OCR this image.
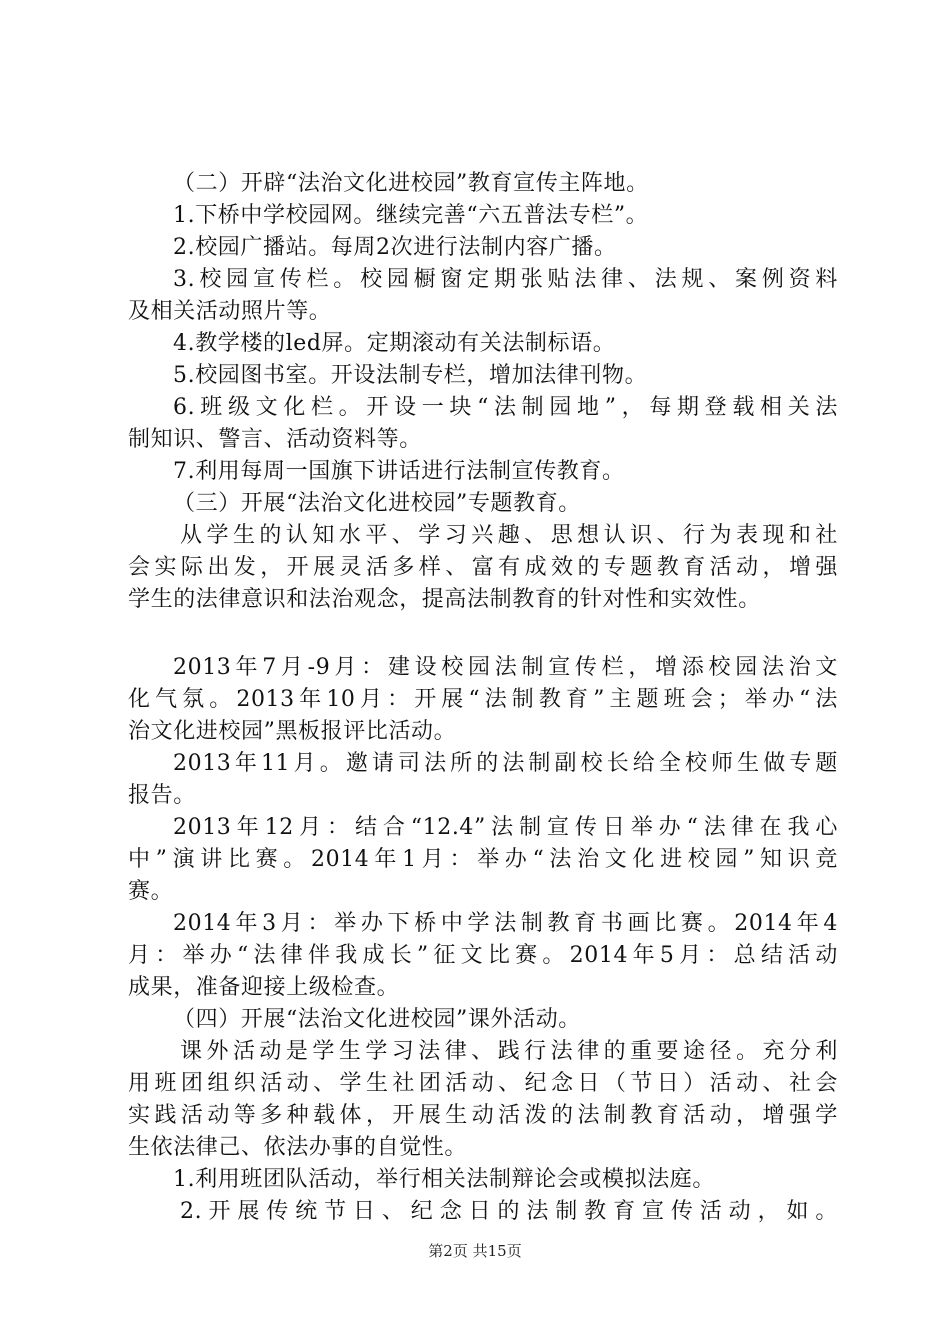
（二）开辟“法治文化进校园”教育宣传主阵地。
1.下桥中学校园网。继续完善“六五普法专栏”。
2.校园广播站。每周2次进行法制内容广播。
3.校园宣传栏。校园橱窗定期张贴法律、法规、案例资料
及相关活动照片等。
4.教学楼的led屏。定期滚动有关法制标语。
5.校园图书室。开设法制专栏，增加法律刊物。
6.班级文化栏。开设一块“法制园地”，每期登载相关法
制知识、警言、活动资料等。
7.利用每周一国旗下讲话进行法制宣传教育。
（三）开展“法治文化进校园”专题教育。
从学生的认知水平、学习兴趣、思想认识、行为表现和社
会实际出发，开展灵活多样、富有成效的专题教育活动，增强
学生的法律意识和法治观念，提高法制教育的针对性和实效性。
2013年7月-9月：建设校园法制宣传栏，增添校园法治文
化气氛。2013年10月：开展“法制教育”主题班会；举办“法
治文化进校园”黑板报评比活动。
2013年11月。邀请司法所的法制副校长给全校师生做专题
报告。
2013年12月：结合“12.4”法制宣传日举办“法律在我心
中”演讲比赛。2014年1月：举办“法治文化进校园”知识竞
赛。
2014年3月：举办下桥中学法制教育书画比赛。2014年4
月：举办“法律伴我成长”征文比赛。2014年5月：总结活动
成果，准备迎接上级检查。
（四）开展“法治文化进校园”课外活动。
课外活动是学生学习法律、践行法律的重要途径。充分利
用班团组织活动、学生社团活动、纪念日（节日）活动、社会
实践活动等多种载体，开展生动活泼的法制教育活动，增强学
生依法律己、依法办事的自觉性。
1.利用班团队活动，举行相关法制辩论会或模拟法庭。
2.开展传统节日、纪念日的法制教育宣传活动，如。
第2页 共15页
